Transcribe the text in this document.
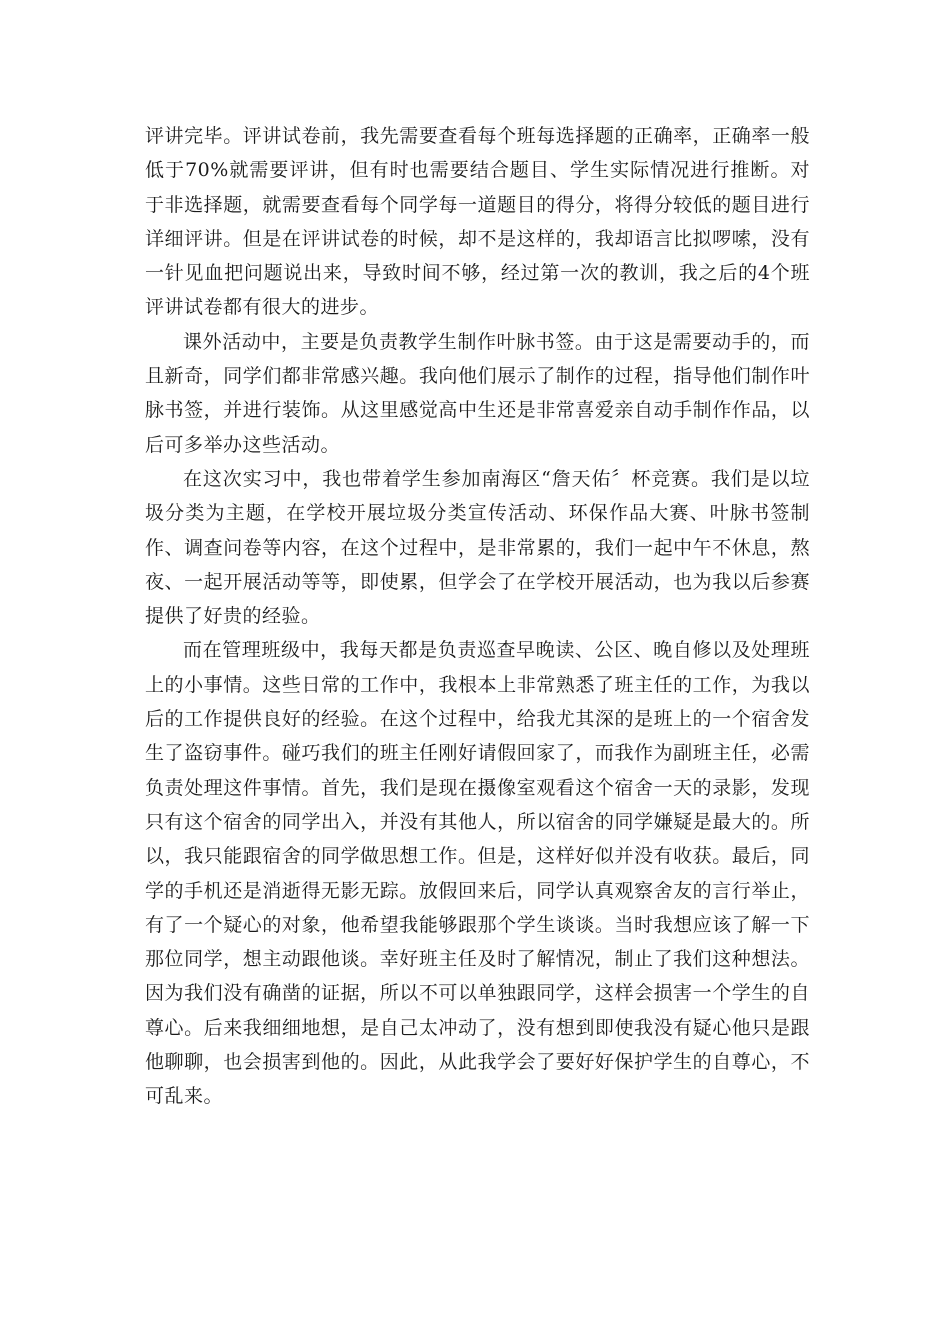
评讲完毕。评讲试卷前，我先需要查看每个班每选择题的正确率，正确率一般低于70%就需要评讲，但有时也需要结合题目、学生实际情况进行推断。对于非选择题，就需要查看每个同学每一道题目的得分，将得分较低的题目进行详细评讲。但是在评讲试卷的时候，却不是这样的，我却语言比拟啰嗦，没有一针见血把问题说出来，导致时间不够，经过第一次的教训，我之后的4个班评讲试卷都有很大的进步。

课外活动中，主要是负责教学生制作叶脉书签。由于这是需要动手的，而且新奇，同学们都非常感兴趣。我向他们展示了制作的过程，指导他们制作叶脉书签，并进行装饰。从这里感觉高中生还是非常喜爱亲自动手制作作品，以后可多举办这些活动。

在这次实习中，我也带着学生参加南海区“詹天佑〞杯竞赛。我们是以垃圾分类为主题，在学校开展垃圾分类宣传活动、环保作品大赛、叶脉书签制作、调查问卷等内容，在这个过程中，是非常累的，我们一起中午不休息，熬夜、一起开展活动等等，即使累，但学会了在学校开展活动，也为我以后参赛提供了好贵的经验。

而在管理班级中，我每天都是负责巡查早晚读、公区、晚自修以及处理班上的小事情。这些日常的工作中，我根本上非常熟悉了班主任的工作，为我以后的工作提供良好的经验。在这个过程中，给我尤其深的是班上的一个宿舍发生了盗窃事件。碰巧我们的班主任刚好请假回家了，而我作为副班主任，必需负责处理这件事情。首先，我们是现在摄像室观看这个宿舍一天的录影，发现只有这个宿舍的同学出入，并没有其他人，所以宿舍的同学嫌疑是最大的。所以，我只能跟宿舍的同学做思想工作。但是，这样好似并没有收获。最后，同学的手机还是消逝得无影无踪。放假回来后，同学认真观察舍友的言行举止，有了一个疑心的对象，他希望我能够跟那个学生谈谈。当时我想应该了解一下那位同学，想主动跟他谈。幸好班主任及时了解情况，制止了我们这种想法。因为我们没有确凿的证据，所以不可以单独跟同学，这样会损害一个学生的自尊心。后来我细细地想，是自己太冲动了，没有想到即使我没有疑心他只是跟他聊聊，也会损害到他的。因此，从此我学会了要好好保护学生的自尊心，不可乱来。
